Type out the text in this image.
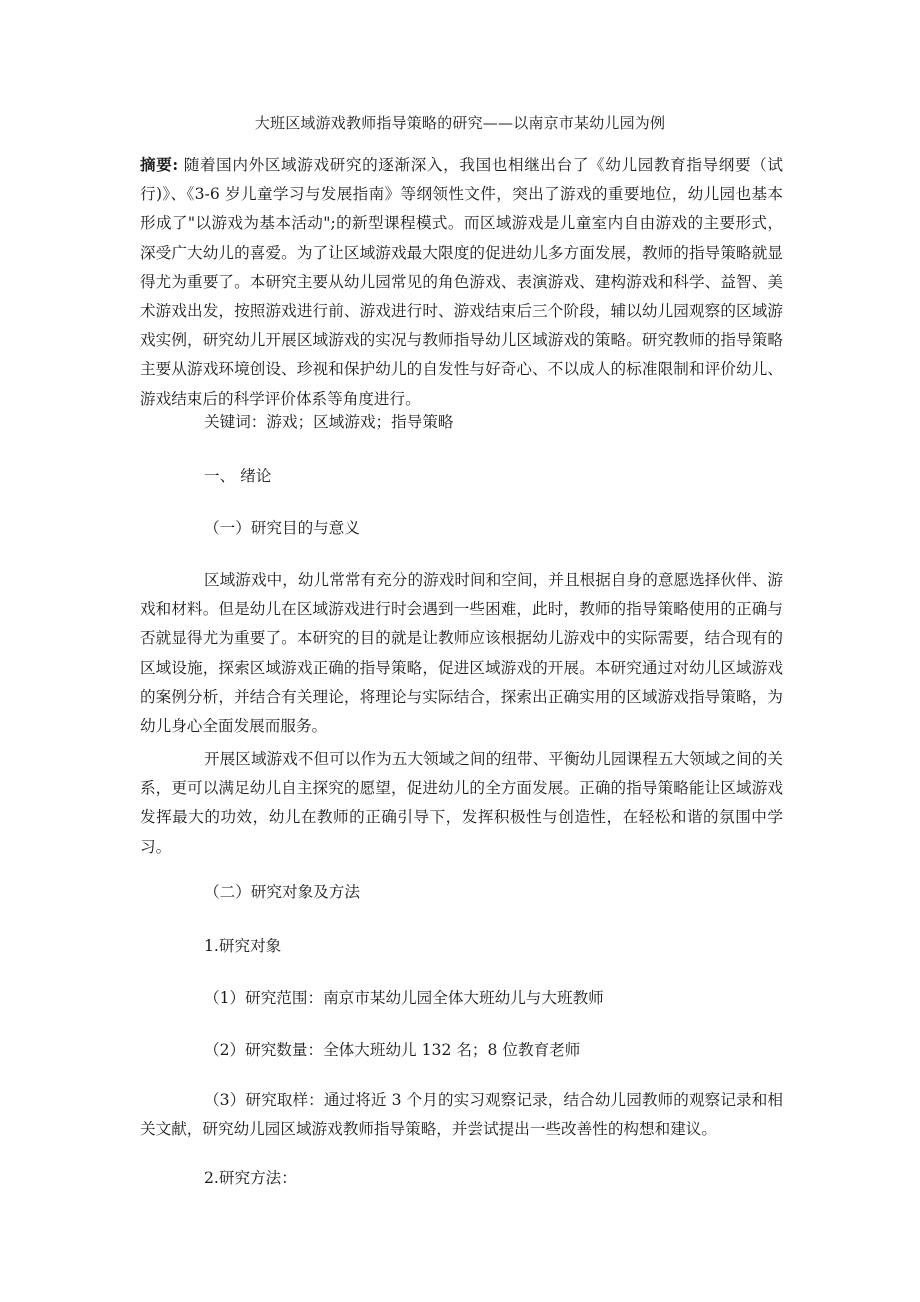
大班区域游戏教师指导策略的研究——以南京市某幼儿园为例

摘要: 随着国内外区域游戏研究的逐渐深入，我国也相继出台了《幼儿园教育指导纲要（试行)》、《3-6 岁儿童学习与发展指南》等纲领性文件，突出了游戏的重要地位，幼儿园也基本形成了"以游戏为基本活动";的新型课程模式。而区域游戏是儿童室内自由游戏的主要形式，深受广大幼儿的喜爱。为了让区域游戏最大限度的促进幼儿多方面发展，教师的指导策略就显得尤为重要了。本研究主要从幼儿园常见的角色游戏、表演游戏、建构游戏和科学、益智、美术游戏出发，按照游戏进行前、游戏进行时、游戏结束后三个阶段，辅以幼儿园观察的区域游戏实例，研究幼儿开展区域游戏的实况与教师指导幼儿区域游戏的策略。研究教师的指导策略主要从游戏环境创设、珍视和保护幼儿的自发性与好奇心、不以成人的标准限制和评价幼儿、游戏结束后的科学评价体系等角度进行。

关键词：游戏；区域游戏；指导策略

一、 绪论

（一）研究目的与意义

区域游戏中，幼儿常常有充分的游戏时间和空间，并且根据自身的意愿选择伙伴、游戏和材料。但是幼儿在区域游戏进行时会遇到一些困难，此时，教师的指导策略使用的正确与否就显得尤为重要了。本研究的目的就是让教师应该根据幼儿游戏中的实际需要，结合现有的区域设施，探索区域游戏正确的指导策略，促进区域游戏的开展。本研究通过对幼儿区域游戏的案例分析，并结合有关理论，将理论与实际结合，探索出正确实用的区域游戏指导策略，为幼儿身心全面发展而服务。

开展区域游戏不但可以作为五大领域之间的纽带、平衡幼儿园课程五大领域之间的关系，更可以满足幼儿自主探究的愿望，促进幼儿的全方面发展。正确的指导策略能让区域游戏发挥最大的功效，幼儿在教师的正确引导下，发挥积极性与创造性，在轻松和谐的氛围中学习。

（二）研究对象及方法

1.研究对象

（1）研究范围：南京市某幼儿园全体大班幼儿与大班教师

（2）研究数量：全体大班幼儿 132 名；8 位教育老师

（3）研究取样：通过将近 3 个月的实习观察记录，结合幼儿园教师的观察记录和相关文献，研究幼儿园区域游戏教师指导策略，并尝试提出一些改善性的构想和建议。

2.研究方法：
